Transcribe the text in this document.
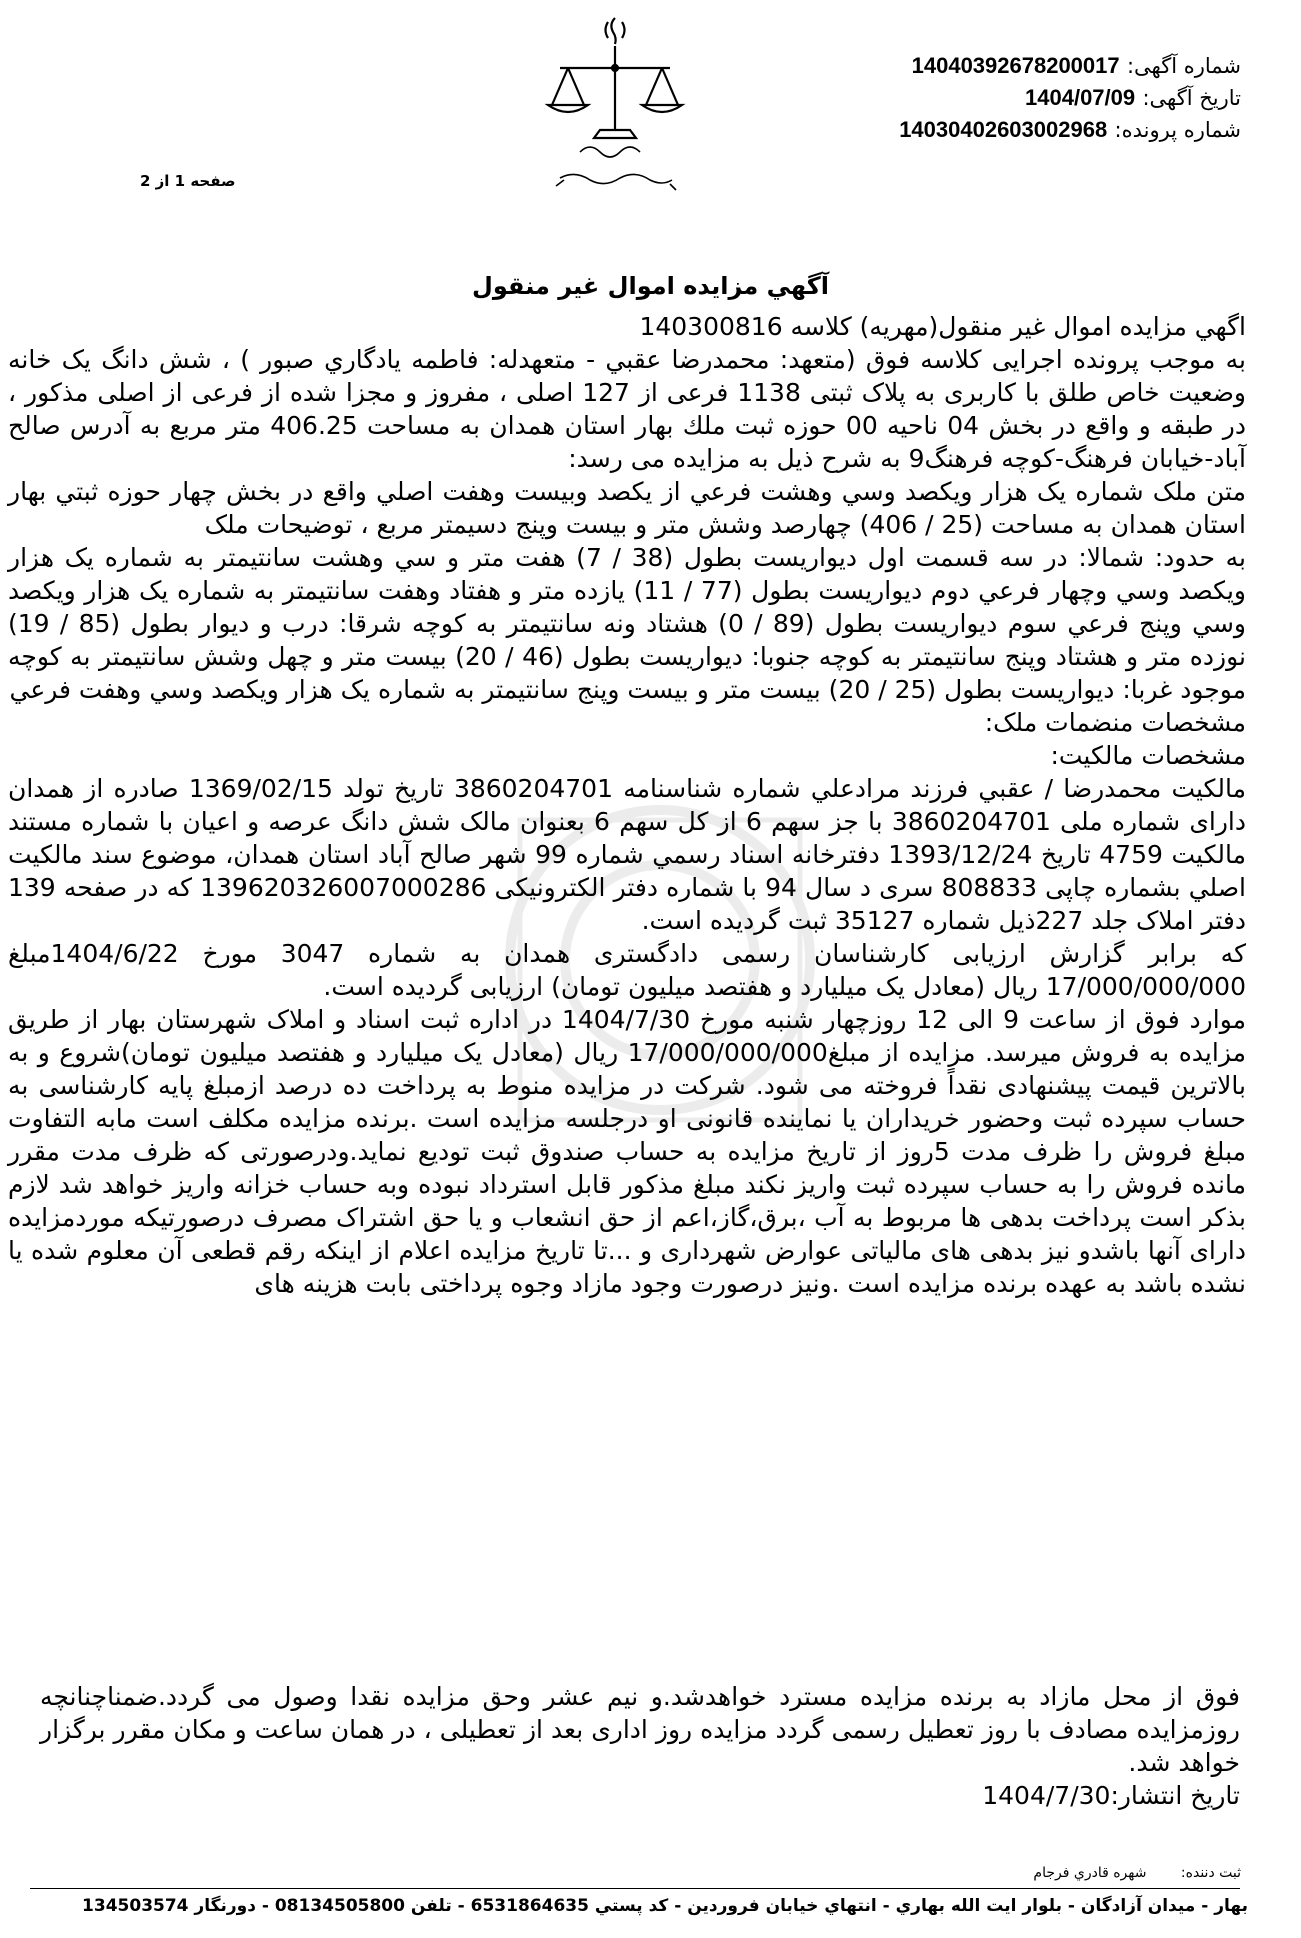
شماره آگهی: 14040392678200017
تاریخ آگهی: 1404/07/09
شماره پرونده: 14030402603002968
صفحه 1 از 2
آگهي مزايده اموال غير منقول

اگهي مزايده اموال غير منقول(مهريه) كلاسه 140300816

به موجب پرونده اجرایی کلاسه فوق (متعهد: محمدرضا عقبي - متعهدله: فاطمه يادگاري صبور ) ، شش دانگ يک خانه وضعيت خاص طلق با کاربری به پلاک ثبتی 1138 فرعی از 127 اصلی ، مفروز و مجزا شده از فرعی از اصلی مذکور ، در طبقه و واقع در بخش 04 ناحيه 00 حوزه ثبت ملك بهار استان همدان به مساحت 406.25 متر مربع به آدرس صالح آباد-خيابان فرهنگ-کوچه فرهنگ9 به شرح ذیل به مزایده می رسد:

متن ملک شماره يک هزار ويکصد وسي وهشت فرعي از يکصد وبيست وهفت اصلي واقع در بخش چهار حوزه ثبتي بهار استان همدان به مساحت (25 / 406) چهارصد وشش متر و بيست وپنج دسيمتر مربع ، توضيحات ملک

به حدود: شمالا: در سه قسمت اول ديواريست بطول (38 / 7) هفت متر و سي وهشت سانتيمتر به شماره يک هزار ويکصد وسي وچهار فرعي دوم ديواريست بطول (77 / 11) يازده متر و هفتاد وهفت سانتيمتر به شماره يک هزار ويکصد وسي وپنج فرعي سوم ديواريست بطول (89 / 0) هشتاد ونه سانتيمتر به کوچه شرقا: درب و ديوار بطول (85 / 19) نوزده متر و هشتاد وپنج سانتيمتر به کوچه جنوبا: ديواريست بطول (46 / 20) بيست متر و چهل وشش سانتيمتر به کوچه موجود غربا: ديواريست بطول (25 / 20) بيست متر و بيست وپنج سانتيمتر به شماره يک هزار ويکصد وسي وهفت فرعي

مشخصات منضمات ملک:

مشخصات مالکيت:

مالکيت محمدرضا / عقبي فرزند مرادعلي شماره شناسنامه 3860204701 تاريخ تولد 1369/02/15 صادره از همدان دارای شماره ملی 3860204701 با جز سهم 6 از کل سهم 6 بعنوان مالک شش دانگ عرصه و اعيان با شماره مستند مالکيت 4759 تاريخ 1393/12/24 دفترخانه اسناد رسمي شماره 99 شهر صالح آباد استان همدان، موضوع سند مالکيت اصلي بشماره چاپی 808833 سری د سال 94 با شماره دفتر الکترونيکی 139620326007000286 که در صفحه 139 دفتر املاک جلد 227ذيل شماره 35127 ثبت گرديده است.

که برابر گزارش ارزیابی کارشناسان رسمی دادگستری همدان به شماره 3047 مورخ 1404/6/22مبلغ 17/000/000/000 ریال (معادل یک میلیارد و هفتصد میلیون تومان) ارزیابی گردیده است.

موارد فوق از ساعت 9 الی 12 روزچهار شنبه مورخ 1404/7/30 در اداره ثبت اسناد و املاک شهرستان بهار از طریق مزایده به فروش میرسد. مزایده از مبلغ17/000/000/000 ریال (معادل یک میلیارد و هفتصد میلیون تومان)شروع و به بالاترین قیمت پیشنهادی نقداً فروخته می شود. شرکت در مزایده منوط به پرداخت ده درصد ازمبلغ پایه کارشناسی به حساب سپرده ثبت وحضور خریداران یا نماینده قانونی او درجلسه مزایده است .برنده مزایده مکلف است مابه التفاوت مبلغ فروش را ظرف مدت 5روز از تاریخ مزایده به حساب صندوق ثبت تودیع نماید.ودرصورتی که ظرف مدت مقرر مانده فروش را به حساب سپرده ثبت واریز نکند مبلغ مذکور قابل استرداد نبوده وبه حساب خزانه واریز خواهد شد لازم بذکر است پرداخت بدهی ها مربوط به آب ،برق،گاز،اعم از حق انشعاب و یا حق اشتراک مصرف درصورتیکه موردمزایده دارای آنها باشدو نیز بدهی های مالیاتی عوارض شهرداری و ...تا تاریخ مزایده اعلام از اینکه رقم قطعی آن معلوم شده یا نشده باشد به عهده برنده مزایده است .ونیز درصورت وجود مازاد وجوه پرداختی بابت هزینه های

فوق از محل مازاد به برنده مزایده مسترد خواهدشد.و نیم عشر وحق مزایده نقدا وصول می گردد.ضمناچنانچه روزمزایده مصادف با روز تعطیل رسمی گردد مزایده روز اداری بعد از تعطیلی ، در همان ساعت و مکان مقرر برگزار خواهد شد.

تاریخ انتشار:1404/7/30

ثبت دننده: شهره قادري فرجام
بهار - ميدان آزادگان - بلوار ايت الله بهاري - انتهاي خيابان فروردين - كد پستي 6531864635 - تلفن 08134505800 - دورنگار 134503574
